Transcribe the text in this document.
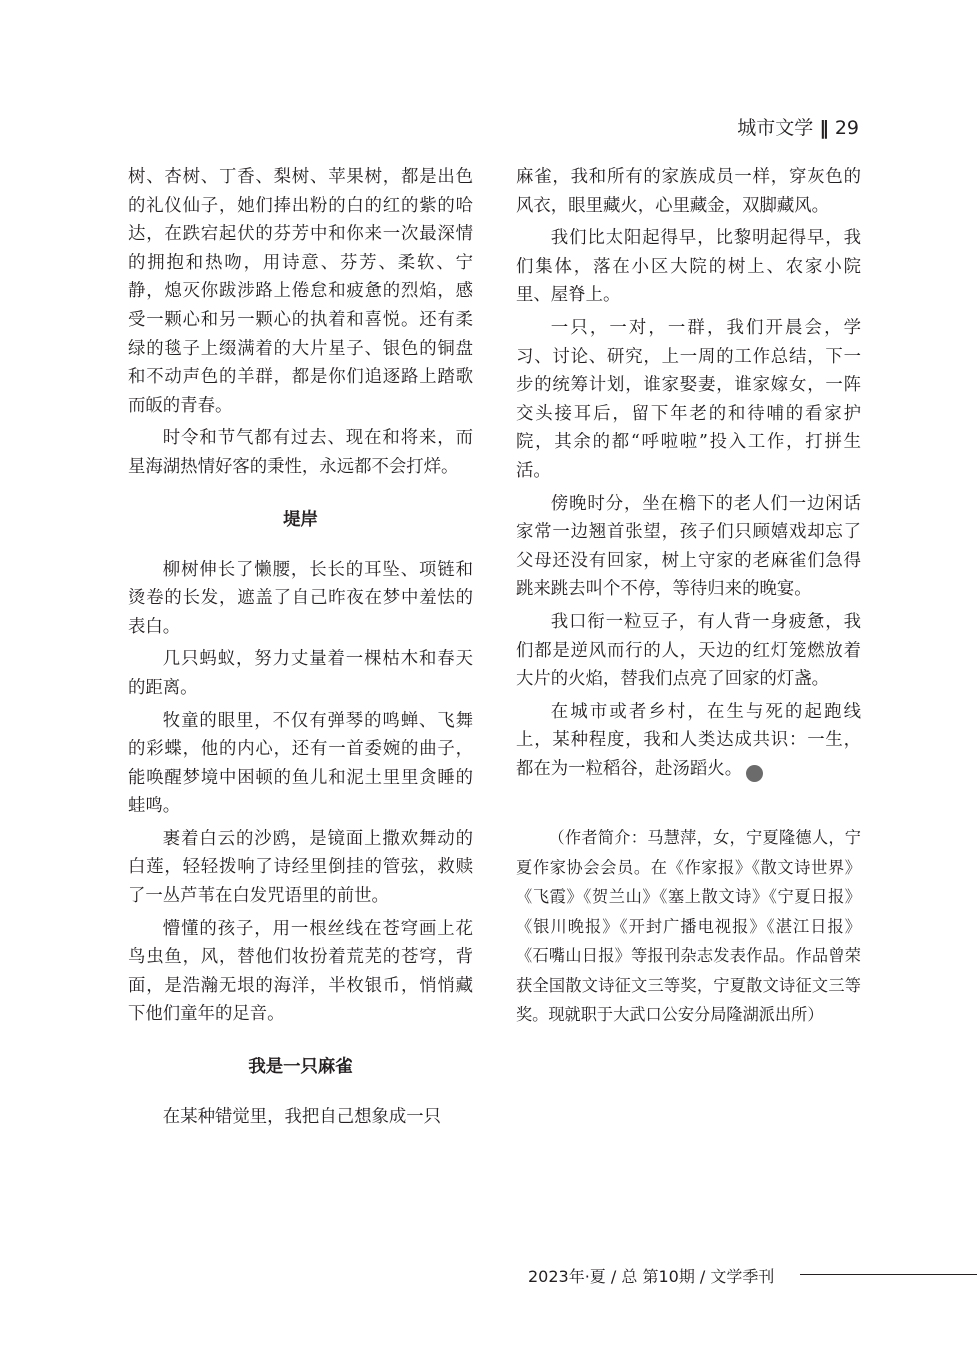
城市文学 ‖ 29

树、杏树、丁香、梨树、苹果树，都是出色的礼仪仙子，她们捧出粉的白的红的紫的哈达，在跌宕起伏的芬芳中和你来一次最深情的拥抱和热吻，用诗意、芬芳、柔软、宁静，熄灭你跋涉路上倦怠和疲惫的烈焰，感受一颗心和另一颗心的执着和喜悦。还有柔绿的毯子上缀满着的大片星子、银色的铜盘和不动声色的羊群，都是你们追逐路上踏歌而皈的青春。

时令和节气都有过去、现在和将来，而星海湖热情好客的秉性，永远都不会打烊。

堤岸

柳树伸长了懒腰，长长的耳坠、项链和烫卷的长发，遮盖了自己昨夜在梦中羞怯的表白。

几只蚂蚁，努力丈量着一棵枯木和春天的距离。

牧童的眼里，不仅有弹琴的鸣蝉、飞舞的彩蝶，他的内心，还有一首委婉的曲子，能唤醒梦境中困顿的鱼儿和泥土里里贪睡的蛙鸣。

裹着白云的沙鸥，是镜面上撒欢舞动的白莲，轻轻拨响了诗经里倒挂的管弦，救赎了一丛芦苇在白发咒语里的前世。

懵懂的孩子，用一根丝线在苍穹画上花鸟虫鱼，风，替他们妆扮着荒芜的苍穹，背面，是浩瀚无垠的海洋，半枚银币，悄悄藏下他们童年的足音。

我是一只麻雀

在某种错觉里，我把自己想象成一只

麻雀，我和所有的家族成员一样，穿灰色的风衣，眼里藏火，心里藏金，双脚藏风。

我们比太阳起得早，比黎明起得早，我们集体，落在小区大院的树上、农家小院里、屋脊上。

一只，一对，一群，我们开晨会，学习、讨论、研究，上一周的工作总结，下一步的统筹计划，谁家娶妻，谁家嫁女，一阵交头接耳后，留下年老的和待哺的看家护院，其余的都“呼啦啦”投入工作，打拼生活。

傍晚时分，坐在檐下的老人们一边闲话家常一边翘首张望，孩子们只顾嬉戏却忘了父母还没有回家，树上守家的老麻雀们急得跳来跳去叫个不停，等待归来的晚宴。

我口衔一粒豆子，有人背一身疲惫，我们都是逆风而行的人，天边的红灯笼燃放着大片的火焰，替我们点亮了回家的灯盏。

在城市或者乡村，在生与死的起跑线上，某种程度，我和人类达成共识：一生，都在为一粒稻谷，赴汤蹈火。	☞

（作者简介：马慧萍，女，宁夏隆德人，宁夏作家协会会员。在《作家报》《散文诗世界》《飞霞》《贺兰山》《塞上散文诗》《宁夏日报》《银川晚报》《开封广播电视报》《湛江日报》《石嘴山日报》等报刊杂志发表作品。作品曾荣获全国散文诗征文三等奖，宁夏散文诗征文三等奖。现就职于大武口公安分局隆湖派出所）
2023年·夏 / 总 第10期 / 文学季刊
